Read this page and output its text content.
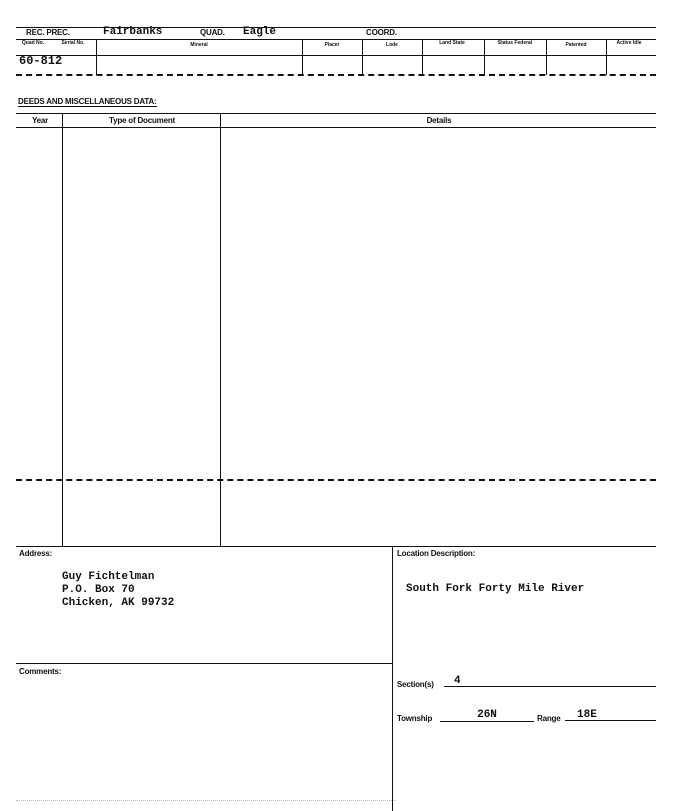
REC. PREC.	Fairbanks	QUAD. Eagle	COORD.
Quad No.	Serial No.	Mineral	Placer	Lode	Land State	Status Federal	Patented	Active Idle
60-812
DEEDS AND MISCELLANEOUS DATA:
Year	Type of Document	Details
Address:
Guy Fichtelman
P.O. Box 70
Chicken, AK 99732
Location Description:
South Fork Forty Mile River
Comments:
Section(s)	4
Township	26N	Range	18E
